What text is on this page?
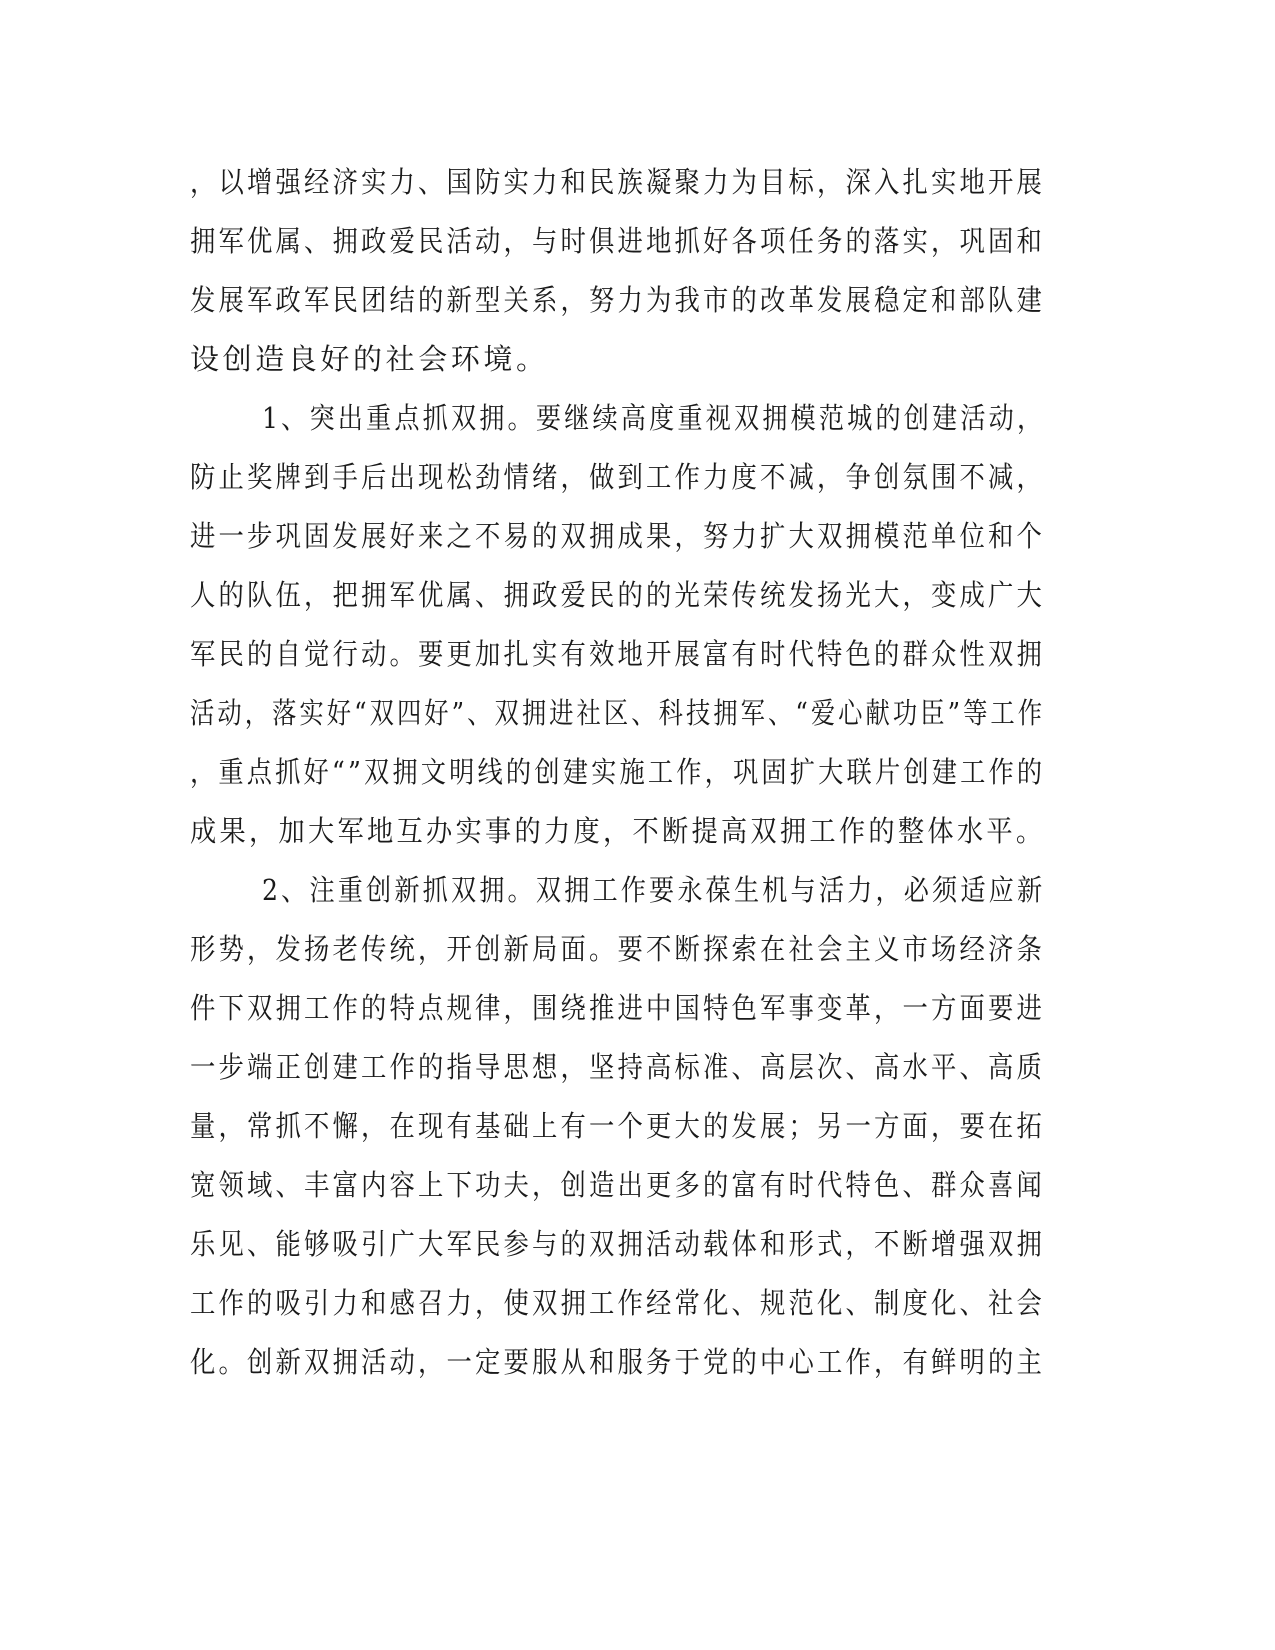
，以增强经济实力、国防实力和民族凝聚力为目标，深入扎实地开展
拥军优属、拥政爱民活动，与时俱进地抓好各项任务的落实，巩固和
发展军政军民团结的新型关系，努力为我市的改革发展稳定和部队建
设创造良好的社会环境。
1、突出重点抓双拥。要继续高度重视双拥模范城的创建活动，
防止奖牌到手后出现松劲情绪，做到工作力度不减，争创氛围不减，
进一步巩固发展好来之不易的双拥成果，努力扩大双拥模范单位和个
人的队伍，把拥军优属、拥政爱民的的光荣传统发扬光大，变成广大
军民的自觉行动。要更加扎实有效地开展富有时代特色的群众性双拥
活动，落实好“双四好”、双拥进社区、科技拥军、“爱心献功臣”等工作
，重点抓好“”双拥文明线的创建实施工作，巩固扩大联片创建工作的
成果，加大军地互办实事的力度，不断提高双拥工作的整体水平。
2、注重创新抓双拥。双拥工作要永葆生机与活力，必须适应新
形势，发扬老传统，开创新局面。要不断探索在社会主义市场经济条
件下双拥工作的特点规律，围绕推进中国特色军事变革，一方面要进
一步端正创建工作的指导思想，坚持高标准、高层次、高水平、高质
量，常抓不懈，在现有基础上有一个更大的发展；另一方面，要在拓
宽领域、丰富内容上下功夫，创造出更多的富有时代特色、群众喜闻
乐见、能够吸引广大军民参与的双拥活动载体和形式，不断增强双拥
工作的吸引力和感召力，使双拥工作经常化、规范化、制度化、社会
化。创新双拥活动，一定要服从和服务于党的中心工作，有鲜明的主
